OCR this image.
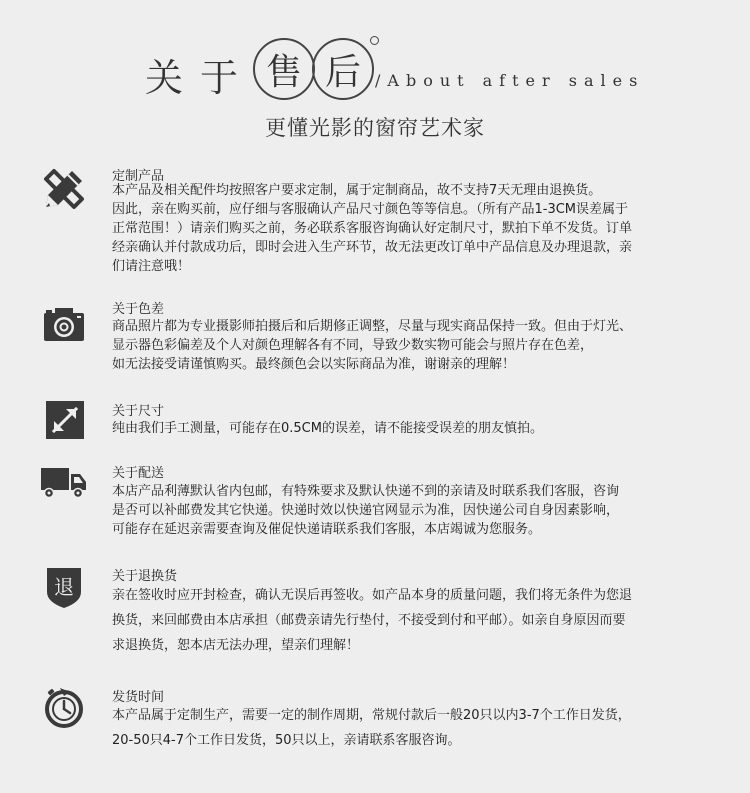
关 于 售 后 /About after sales
更懂光影的窗帘艺术家
定制产品
本产品及相关配件均按照客户要求定制，属于定制商品，故不支持7天无理由退换货。
因此，亲在购买前，应仔细与客服确认产品尺寸颜色等等信息。（所有产品1-3CM误差属于
正常范围！）请亲们购买之前，务必联系客服咨询确认好定制尺寸，默拍下单不发货。订单
经亲确认并付款成功后，即时会进入生产环节，故无法更改订单中产品信息及办理退款，亲
们请注意哦！
关于色差
商品照片都为专业摄影师拍摄后和后期修正调整，尽量与现实商品保持一致。但由于灯光、
显示器色彩偏差及个人对颜色理解各有不同，导致少数实物可能会与照片存在色差，
如无法接受请谨慎购买。最终颜色会以实际商品为准，谢谢亲的理解！
关于尺寸
纯由我们手工测量，可能存在0.5CM的误差，请不能接受误差的朋友慎拍。
关于配送
本店产品利薄默认省内包邮，有特殊要求及默认快递不到的亲请及时联系我们客服，咨询
是否可以补邮费发其它快递。快递时效以快递官网显示为准，因快递公司自身因素影响，
可能存在延迟亲需要查询及催促快递请联系我们客服，本店竭诚为您服务。
退	关于退换货
亲在签收时应开封检查，确认无误后再签收。如产品本身的质量问题，我们将无条件为您退
换货，来回邮费由本店承担（邮费亲请先行垫付，不接受到付和平邮）。如亲自身原因而要
求退换货，恕本店无法办理，望亲们理解！
发货时间
本产品属于定制生产，需要一定的制作周期，常规付款后一般20只以内3-7个工作日发货，
20-50只4-7个工作日发货，50只以上，亲请联系客服咨询。
